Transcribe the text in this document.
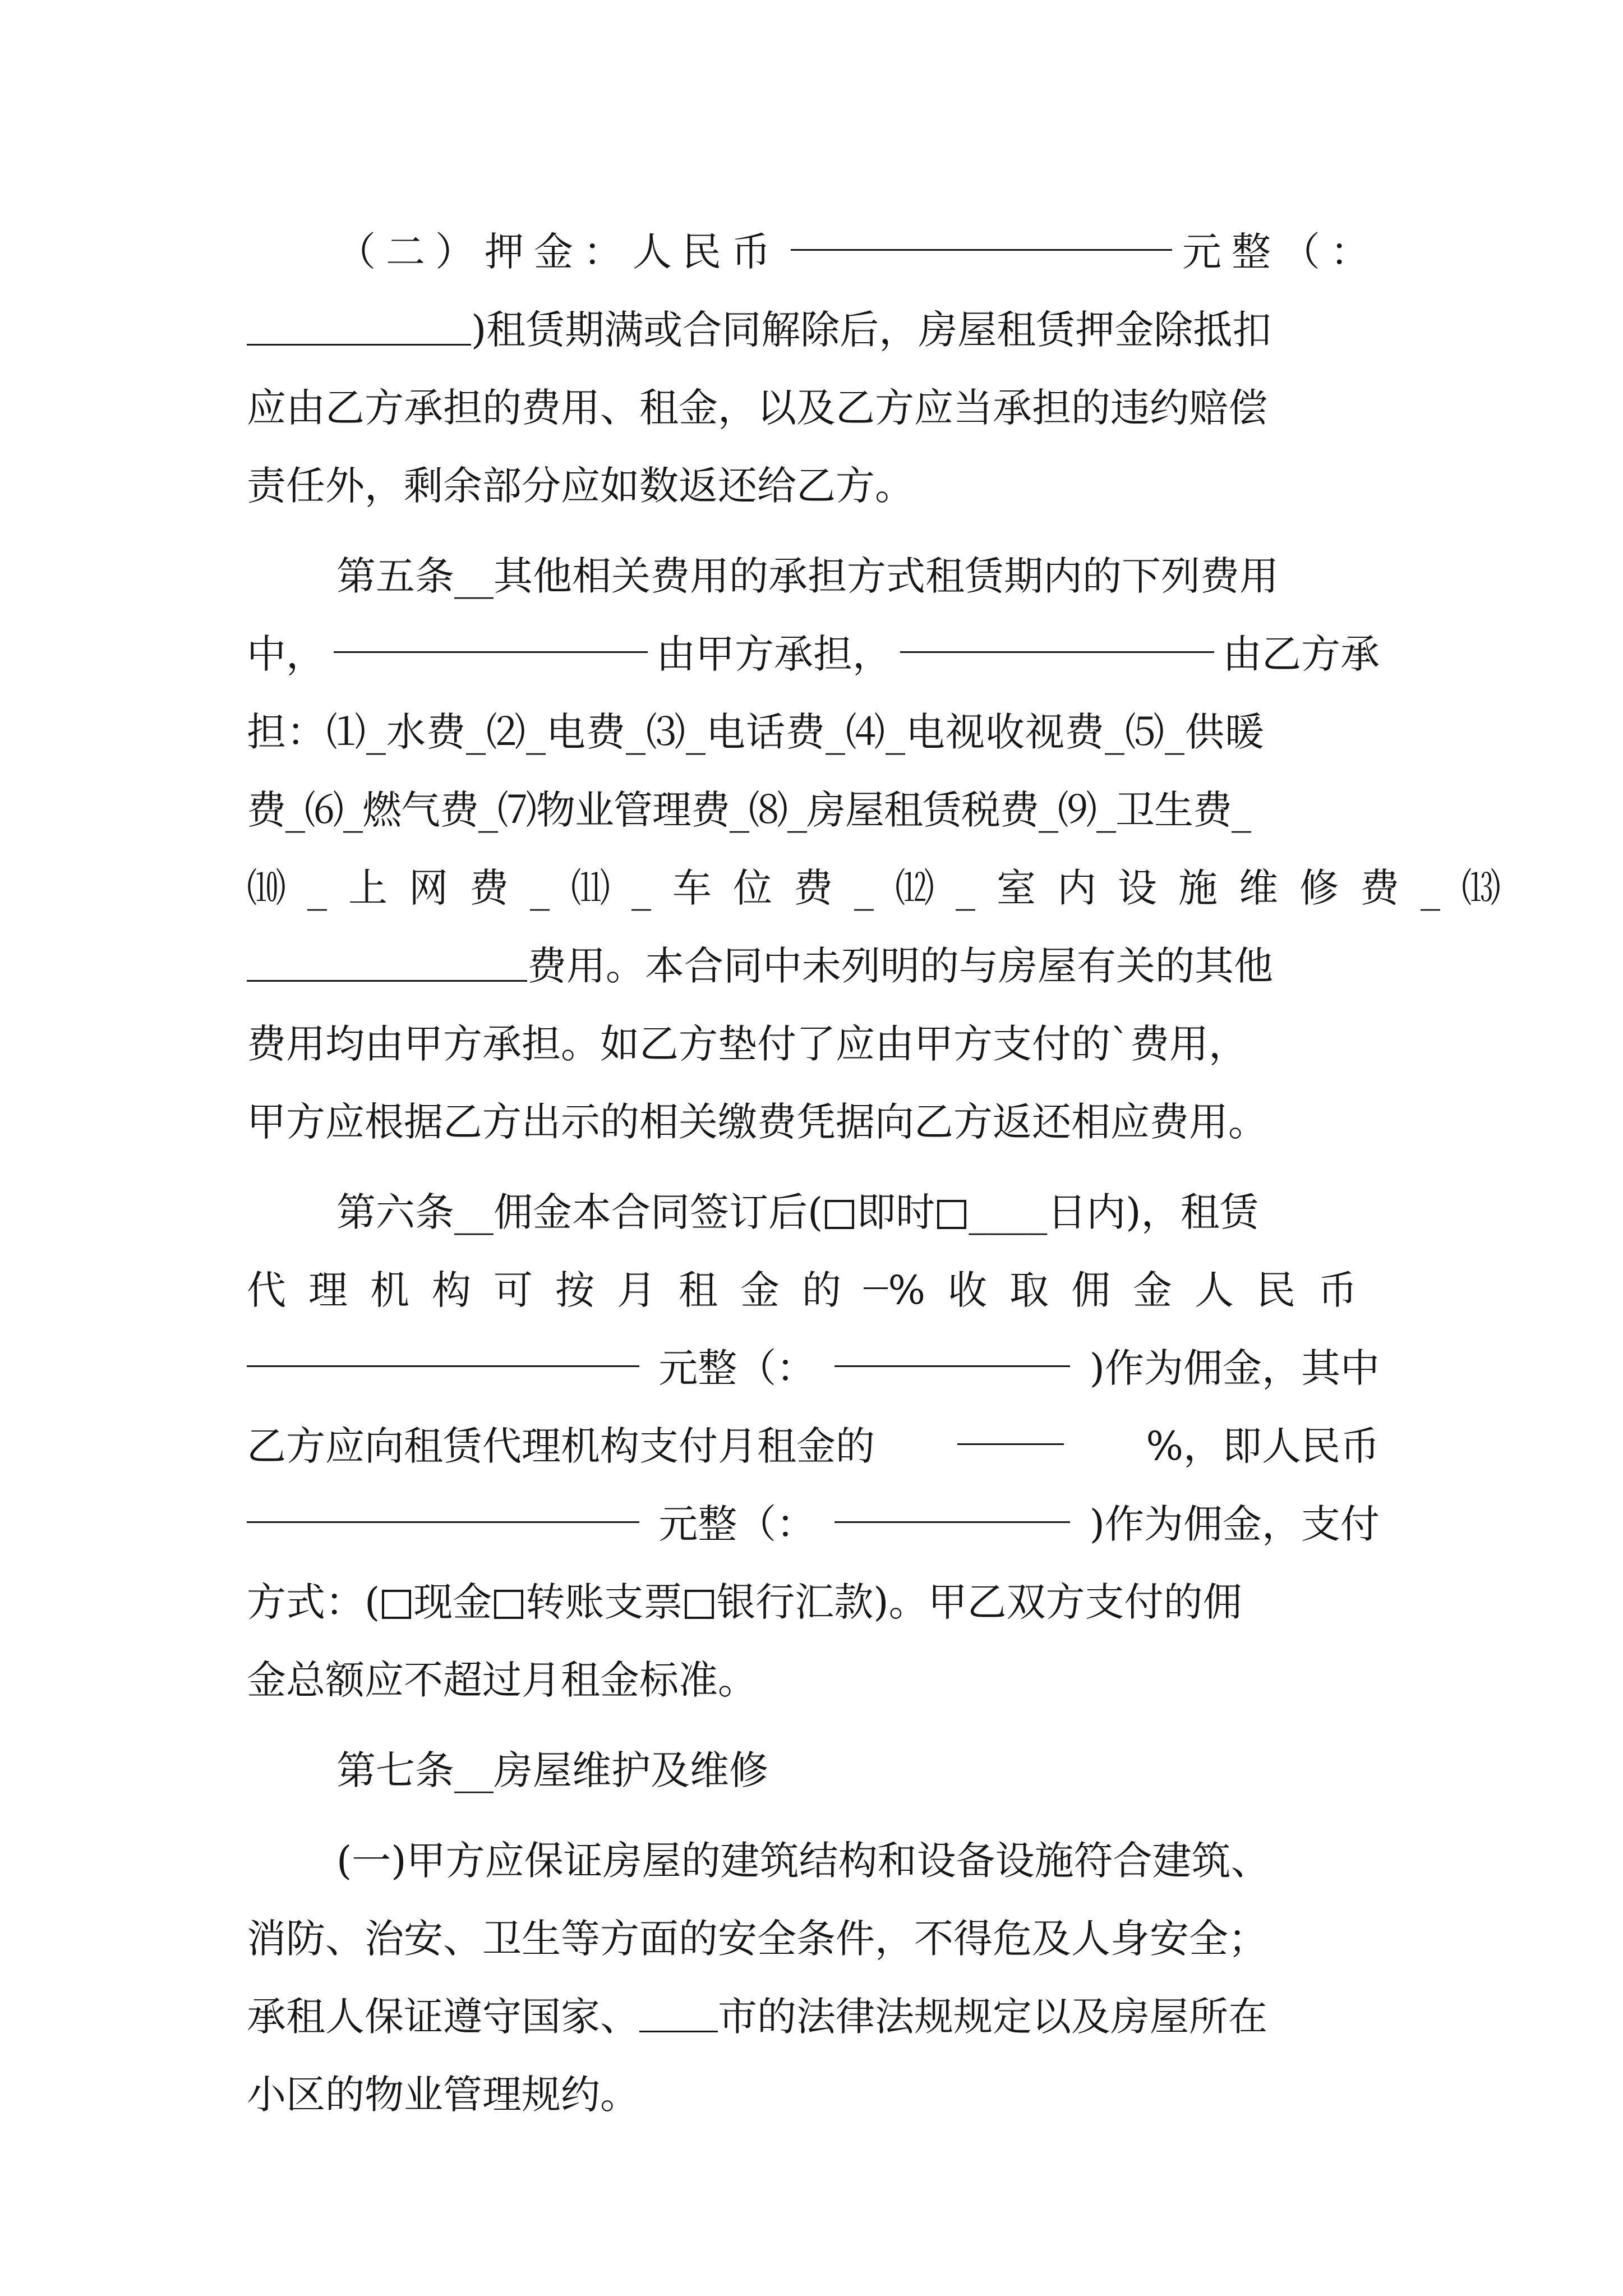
（二）押金：人民币	元整（：
)租赁期满或合同解除后，房屋租赁押金除抵扣
应由乙方承担的费用、租金，以及乙方应当承担的违约赔偿
责任外，剩余部分应如数返还给乙方。
第五条__其他相关费用的承担方式租赁期内的下列费用
中，	由甲方承担，	由乙方承
担：⑴_水费_⑵_电费_⑶_电话费_⑷_电视收视费_⑸_供暖
费_⑹_燃气费_⑺物业管理费_⑻_房屋租赁税费_⑼_卫生费_
⑽_上网费_⑾_车位费_⑿_室内设施维修费_⒀
费用。本合同中未列明的与房屋有关的其他
费用均由甲方承担。如乙方垫付了应由甲方支付的`费用，
甲方应根据乙方出示的相关缴费凭据向乙方返还相应费用。
第六条__佣金本合同签订后( 即时 ____日内)，租赁
代理机构可按月租金的 %收取佣金人民币
元整（：	)作为佣金，其中
乙方应向租赁代理机构支付月租金的	%，即人民币
元整（：	)作为佣金，支付
方式：( 现金 转账支票 银行汇款)。甲乙双方支付的佣
金总额应不超过月租金标准。
第七条__房屋维护及维修
(一)甲方应保证房屋的建筑结构和设备设施符合建筑、
消防、治安、卫生等方面的安全条件，不得危及人身安全；
承租人保证遵守国家、 市的法律法规规定以及房屋所在
小区的物业管理规约。
